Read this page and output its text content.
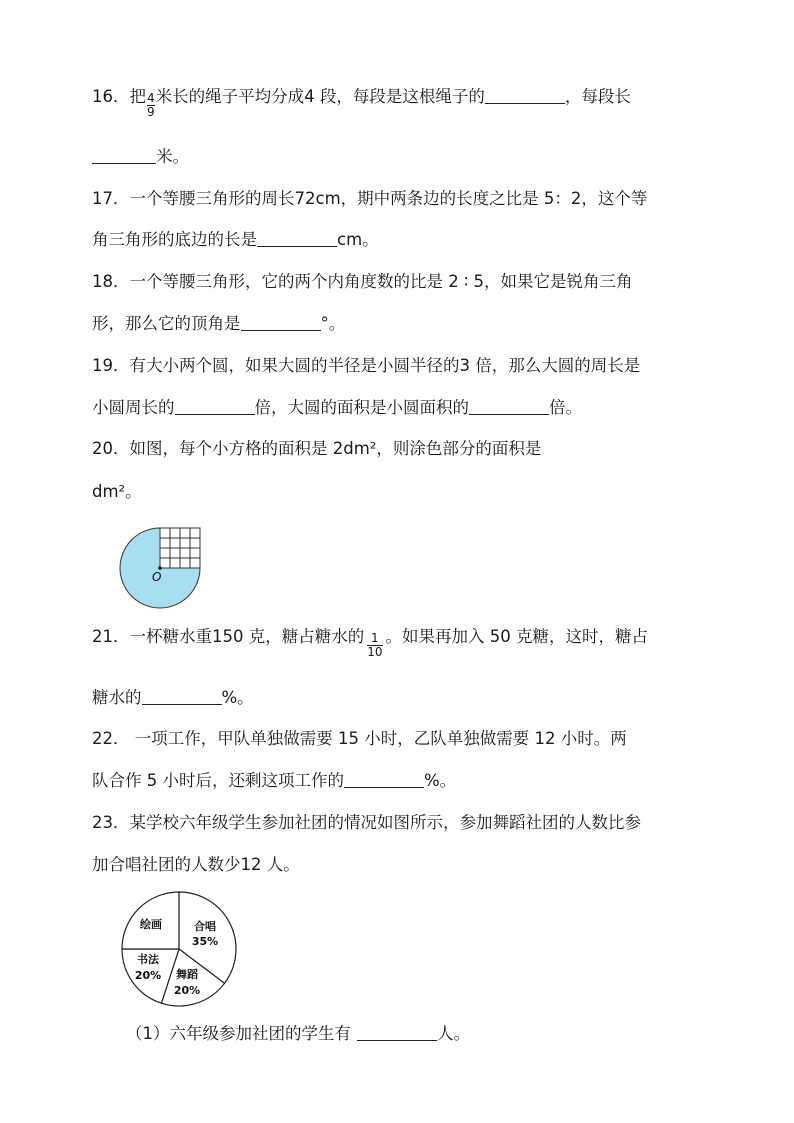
16．把 $\frac{4}{9}$ 米长的绳子平均分成4 段，每段是这根绳子的	，每段长
米。
17．一个等腰三角形的周长72cm，期中两条边的长度之比是 5：2，这个等
角三角形的底边的长是	cm。
18．一个等腰三角形，它的两个内角度数的比是 2 ∶ 5，如果它是锐角三角
形，那么它的顶角是	°。
19．有大小两个圆，如果大圆的半径是小圆半径的3 倍，那么大圆的周长是
小圆周长的	倍，大圆的面积是小圆面积的	倍。
20．如图，每个小方格的面积是 2dm²，则涂色部分的面积是
dm²。
O
21．一杯糖水重150 克，糖占糖水的 $\frac{1}{10}$ 。如果再加入 50 克糖，这时，糖占
糖水的	%。
22． 一项工作，甲队单独做需要 15 小时，乙队单独做需要 12 小时。两
队合作 5 小时后，还剩这项工作的	%。
23．某学校六年级学生参加社团的情况如图所示，参加舞蹈社团的人数比参
加合唱社团的人数少12 人。
合唱
35%
舞蹈
20%
书法
20%
绘画
（1）六年级参加社团的学生有	人。
